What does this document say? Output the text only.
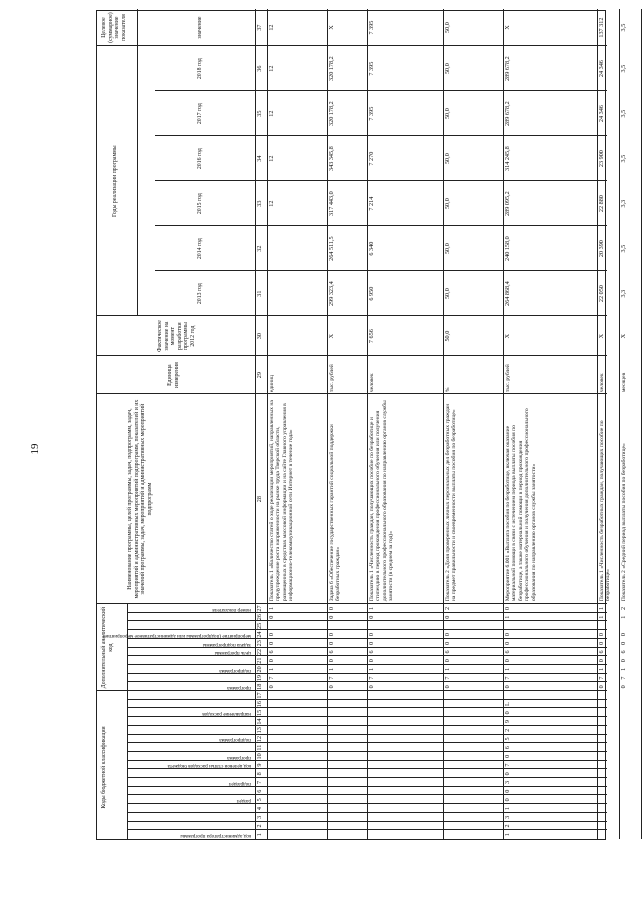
19
Коды бюджетной классификации
Дополнительный аналитический код
Наименование программы, целей программы, задач, подпрограмм, задач, мероприятий и административных мероприятий подпрограмм, показателей и их значений программы, задач, мероприятий и административных мероприятий подпрограмм
Единица измерения
Фактическое значение на момент разработки программы 2012 год
Годы реализации программы
Целевое (суммарное) значение показателя	значение
2013 год
2014 год
2015 год
2016 год
2017 год
2018 год
код администратора программы
раздел
подраздел
код целевой статьи расходов бюджета
программа
подпрограмма
направление расходов
программа
подпрограмма
цель программы
задача подпрограммы
мероприятие (подпрограммы или административное мероприятие)
номер показателя
1
2
3
4
5
6
7
8
9
10
11
12
13
14
15
16
17
18
19
20
21
22
23
24
25
26
27
28
29
30
31
32
33
34
35
36
37
0
7
1
0
6
0
0
0
1
Показатель 1 «Количество статей о ходе реализации мероприятий, направленных на предупреждение роста напряженности на рынке труда Тверской области, размещенных в средствах массовой информации и на сайте Главного управления в информационно-телекоммуникационной сети Интернет в течение года»
единиц
12
12
12
12
12
0
7
1
0
6
0
0
0
0
Задача 6 «Обеспечение государственных гарантий социальной поддержки безработных граждан»
тыс. рублей
Х
299 323,4
264 511,5
317 443,0
343 345,8
320 178,2
320 178,2
Х
0
7
1
0
6
0
0
0
1
Показатель 1 «Численность граждан, получающих пособие по безработице и стипендию в период прохождения профессионального обучения или получения дополнительного профессионального образования по направлению органов службы занятости (в среднем за год)»
человек
7 656
6 950
6 340
7 214
7 270
7 395
7 395
7 395
0
7
1
0
6
0
0
0
2
Показатель 2 «Доля проверенных личных персональных дел безработных граждан на предмет правильности и своевременности выплаты пособия по безработице»
%
50,0
50,0
50,0
50,0
50,0
50,0
50,0
50,0
0
7
1
0
6
0
0
1
0
1
2
3
1
0
0
3
0
7
0
6
5
2
9
0
L
Мероприятие 6.001 «Выплата пособия по безработице, включая оказание материальной помощи в связи с истечением периода выплаты пособия по безработице, а также материальной помощи в период прохождения профессионального обучения и получения дополнительного профессионального образования по направлению органов службы занятости»
тыс. рублей
Х
264 868,4
240 158,0
289 095,2
314 245,8
289 678,2
289 678,2
Х
0
7
1
0
6
0
0
1
1
Показатель 1 «Численность безработных граждан, получающих пособие по безработице»
человек
Х
22 050
20 390
22 880
23 900
24 346
24 346
137 312
0
7
1
0
6
0
0
1
2
Показатель 2 «Средний период выплаты пособия по безработице»
месяцев
Х
3,3
3,5
3,3
3,5
3,5
3,5
3,5
